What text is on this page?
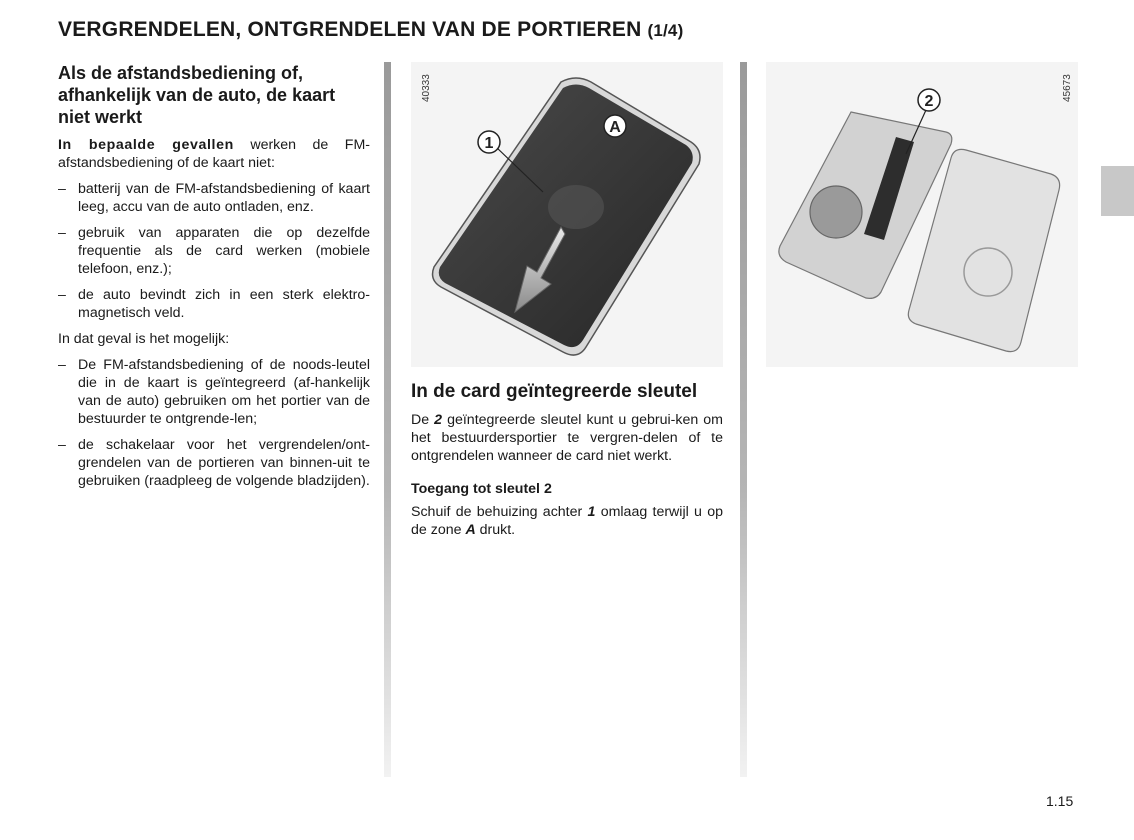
VERGRENDELEN, ONTGRENDELEN VAN DE PORTIEREN (1/4)
Als de afstandsbediening of, afhankelijk van de auto, de kaart niet werkt

In bepaalde gevallen werken de FM-afstandsbediening of de kaart niet:

– batterij van de FM-afstandsbediening of kaart leeg, accu van de auto ontladen, enz.
– gebruik van apparaten die op dezelfde frequentie als de card werken (mobiele telefoon, enz.);
– de auto bevindt zich in een sterk elektro-magnetisch veld.

In dat geval is het mogelijk:

– De FM-afstandsbediening of de noods-leutel die in de kaart is geïntegreerd (af-hankelijk van de auto) gebruiken om het portier van de bestuurder te ontgrende-len;
– de schakelaar voor het vergrendelen/ont-grendelen van de portieren van binnen-uit te gebruiken (raadpleeg de volgende bladzijden).
1
A
40333	2	45673
In de card geïntegreerde sleutel

De 2 geïntegreerde sleutel kunt u gebrui-ken om het bestuurdersportier te vergren-delen of te ontgrendelen wanneer de card niet werkt.

Toegang tot sleutel 2

Schuif de behuizing achter 1 omlaag terwijl u op de zone A drukt.

1.15
